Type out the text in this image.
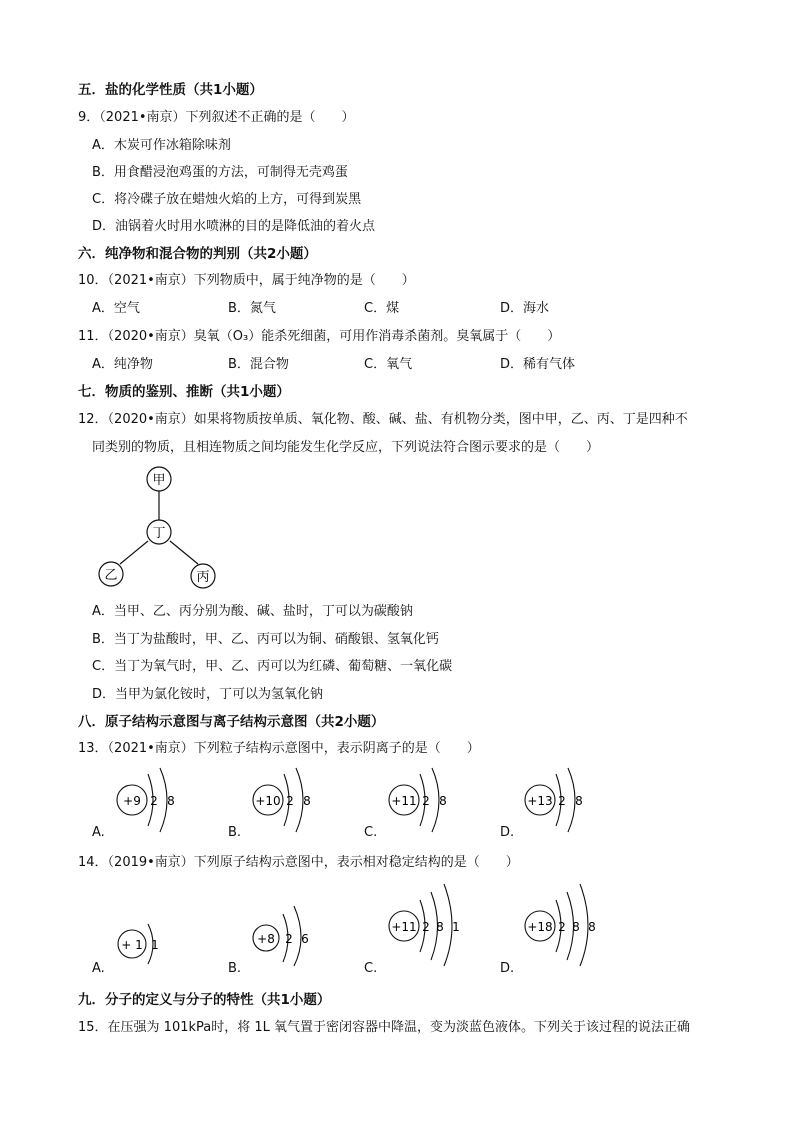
五．盐的化学性质（共1小题）
9．（2021•南京）下列叙述不正确的是（　　）
A．木炭可作冰箱除味剂
B．用食醋浸泡鸡蛋的方法，可制得无壳鸡蛋
C．将冷碟子放在蜡烛火焰的上方，可得到炭黑
D．油锅着火时用水喷淋的目的是降低油的着火点
六．纯净物和混合物的判别（共2小题）
10．（2021•南京）下列物质中，属于纯净物的是（　　）
A．空气	B．氮气	C．煤	D．海水
11．（2020•南京）臭氧（O₃）能杀死细菌，可用作消毒杀菌剂。臭氧属于（　　）
A．纯净物	B．混合物	C．氧气	D．稀有气体
七．物质的鉴别、推断（共1小题）
12．（2020•南京）如果将物质按单质、氧化物、酸、碱、盐、有机物分类，图中甲，乙、丙、丁是四种不
同类别的物质，且相连物质之间均能发生化学反应，下列说法符合图示要求的是（　　）
甲
丁
乙	丙
A．当甲、乙、丙分别为酸、碱、盐时，丁可以为碳酸钠
B．当丁为盐酸时，甲、乙、丙可以为铜、硝酸银、氢氧化钙
C．当丁为氧气时，甲、乙、丙可以为红磷、葡萄糖、一氧化碳
D．当甲为氯化铵时，丁可以为氢氧化钠
八．原子结构示意图与离子结构示意图（共2小题）
13．（2021•南京）下列粒子结构示意图中，表示阴离子的是（　　）
+9 2 8	+10 2 8	+11 2 8	+13 2 8
A.	B.	C.	D.
14．（2019•南京）下列原子结构示意图中，表示相对稳定结构的是（　　）
+ 1 1	+8 2 6
+11 2 8 1	+18 2 8 8
A.	B.	C.	D.
九．分子的定义与分子的特性（共1小题）
15．在压强为 101kPa时，将 1L 氧气置于密闭容器中降温，变为淡蓝色液体。下列关于该过程的说法正确
